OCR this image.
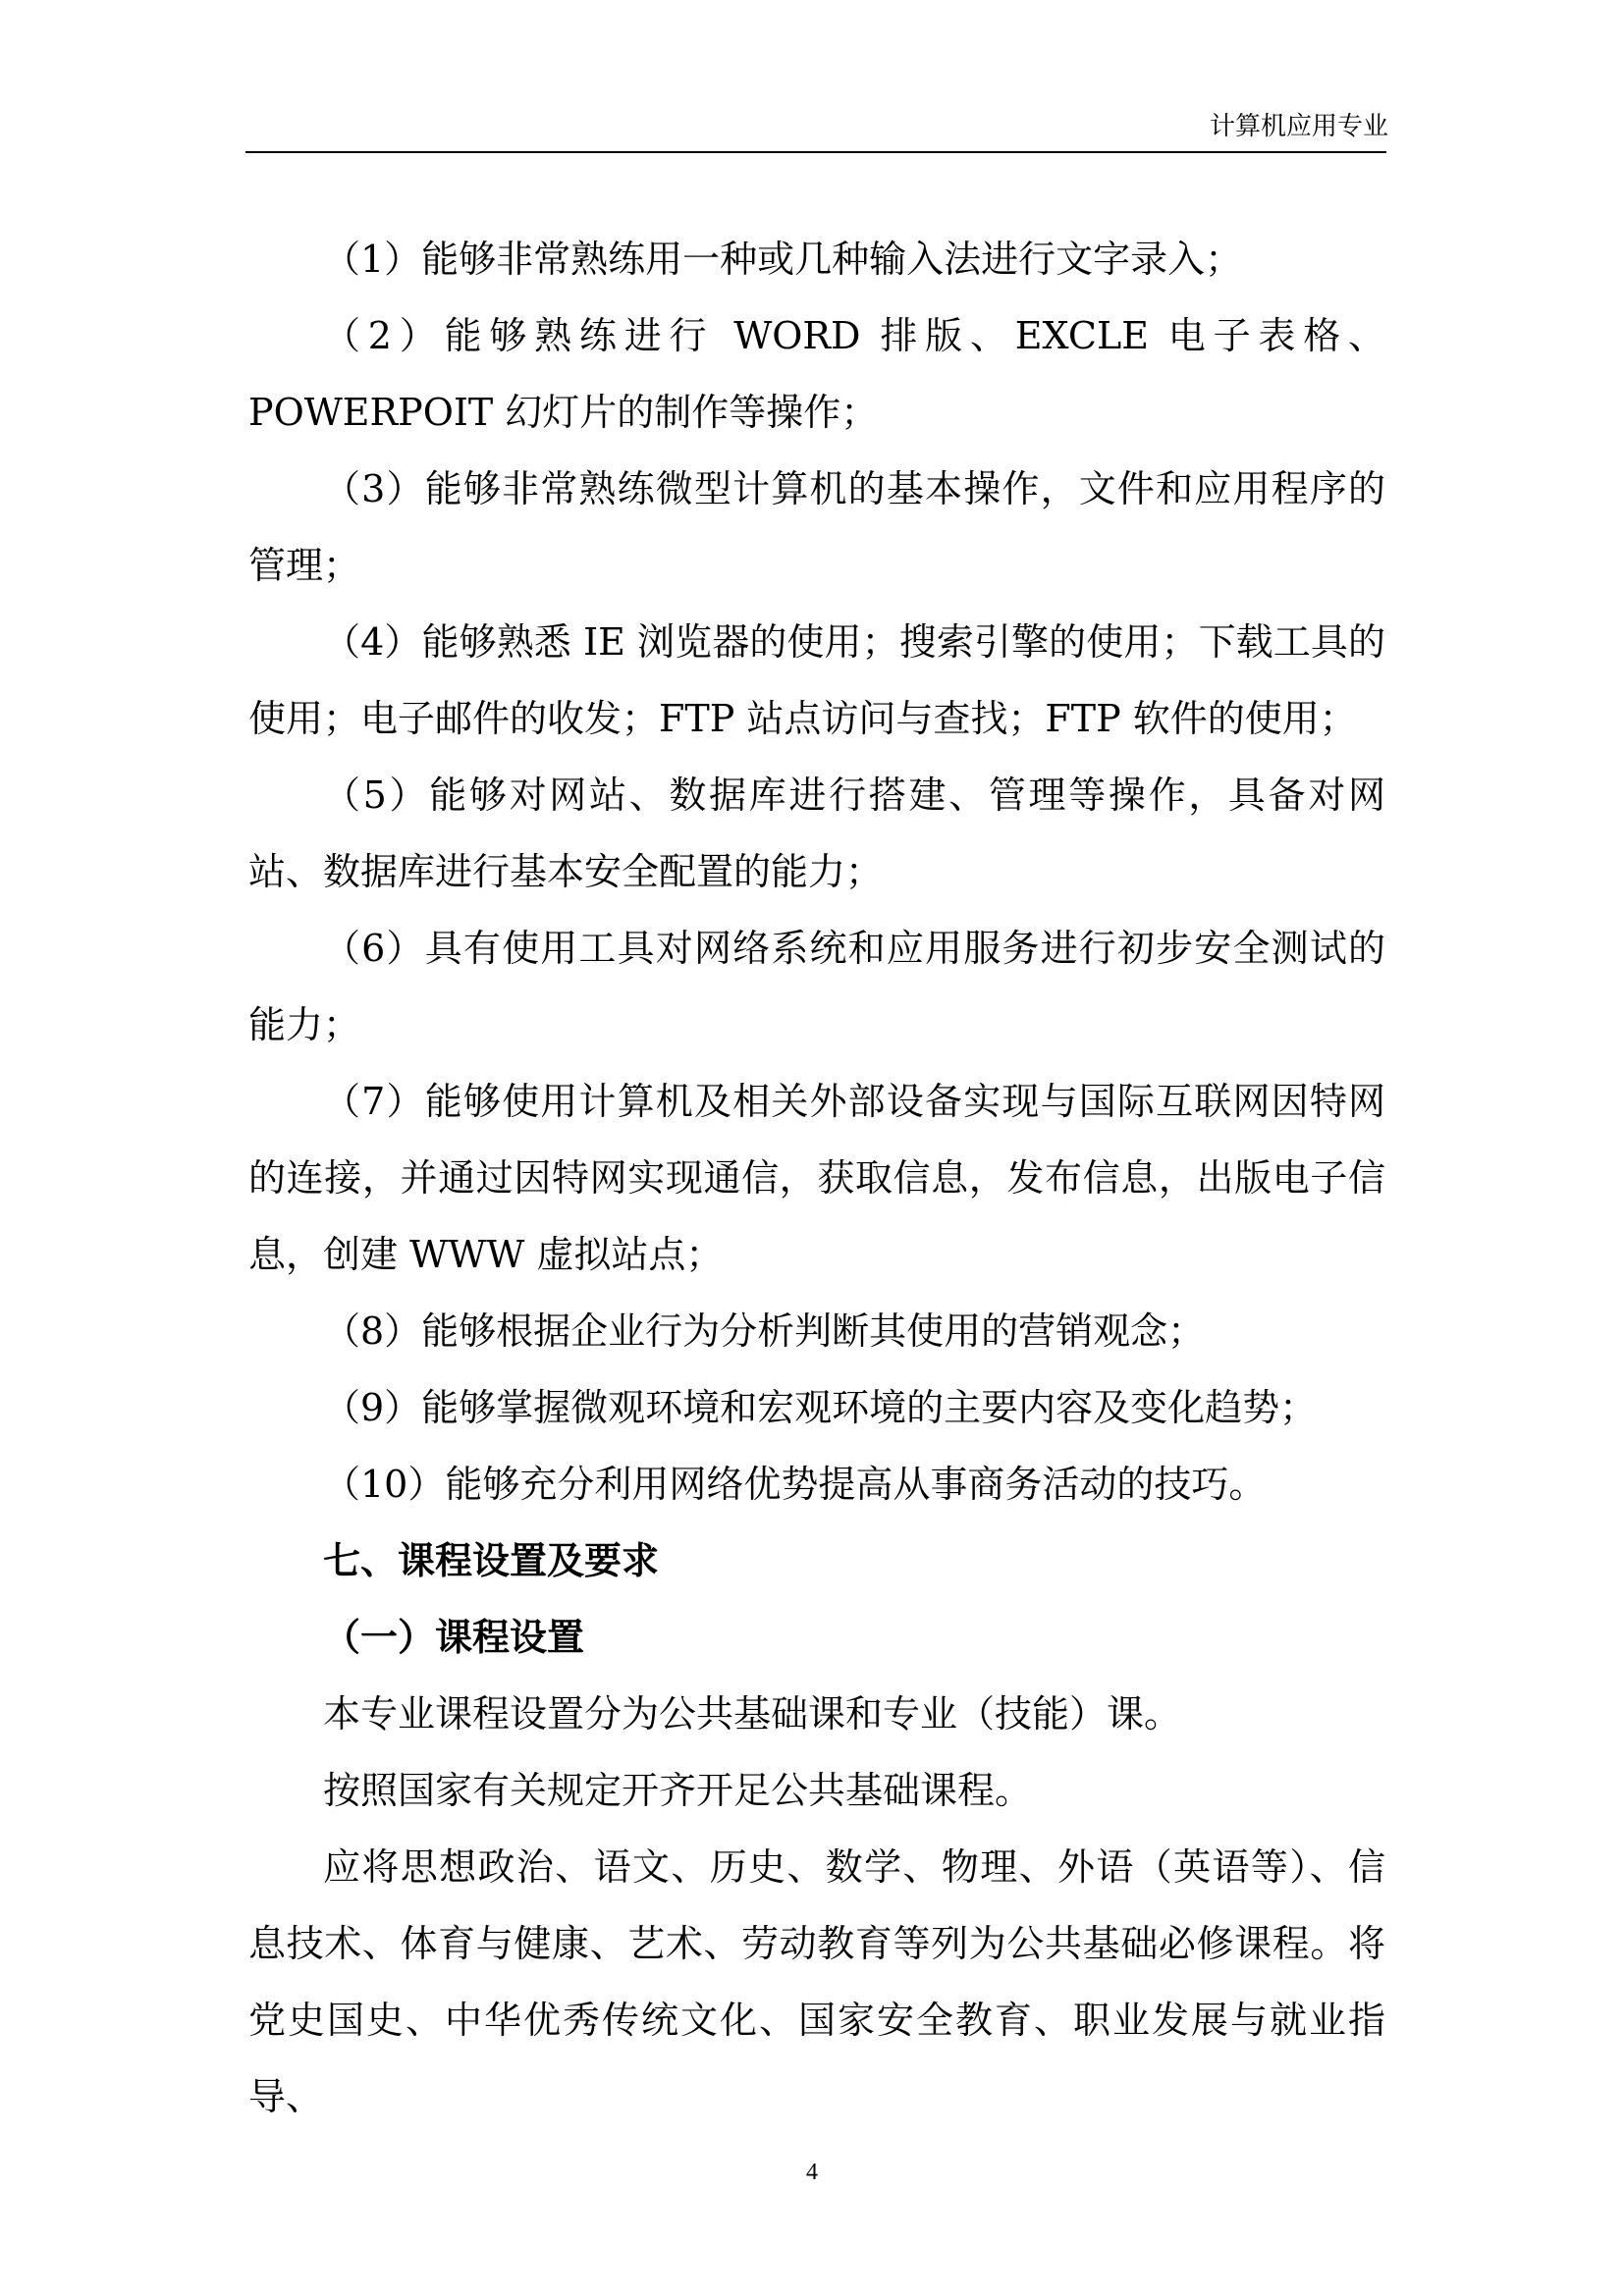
计算机应用专业

（1）能够非常熟练用一种或几种输入法进行文字录入；

（2）能够熟练进行 WORD 排版、EXCLE 电子表格、POWERPOIT 幻灯片的制作等操作；

（3）能够非常熟练微型计算机的基本操作，文件和应用程序的管理；

（4）能够熟悉 IE 浏览器的使用；搜索引擎的使用；下载工具的使用；电子邮件的收发；FTP 站点访问与查找；FTP 软件的使用；

（5）能够对网站、数据库进行搭建、管理等操作，具备对网站、数据库进行基本安全配置的能力；

（6）具有使用工具对网络系统和应用服务进行初步安全测试的能力；

（7）能够使用计算机及相关外部设备实现与国际互联网因特网的连接，并通过因特网实现通信，获取信息，发布信息，出版电子信息，创建 WWW 虚拟站点；

（8）能够根据企业行为分析判断其使用的营销观念；

（9）能够掌握微观环境和宏观环境的主要内容及变化趋势；

（10）能够充分利用网络优势提高从事商务活动的技巧。

七、课程设置及要求

（一）课程设置

本专业课程设置分为公共基础课和专业（技能）课。

按照国家有关规定开齐开足公共基础课程。

应将思想政治、语文、历史、数学、物理、外语（英语等）、信息技术、体育与健康、艺术、劳动教育等列为公共基础必修课程。将党史国史、中华优秀传统文化、国家安全教育、职业发展与就业指导、

4
